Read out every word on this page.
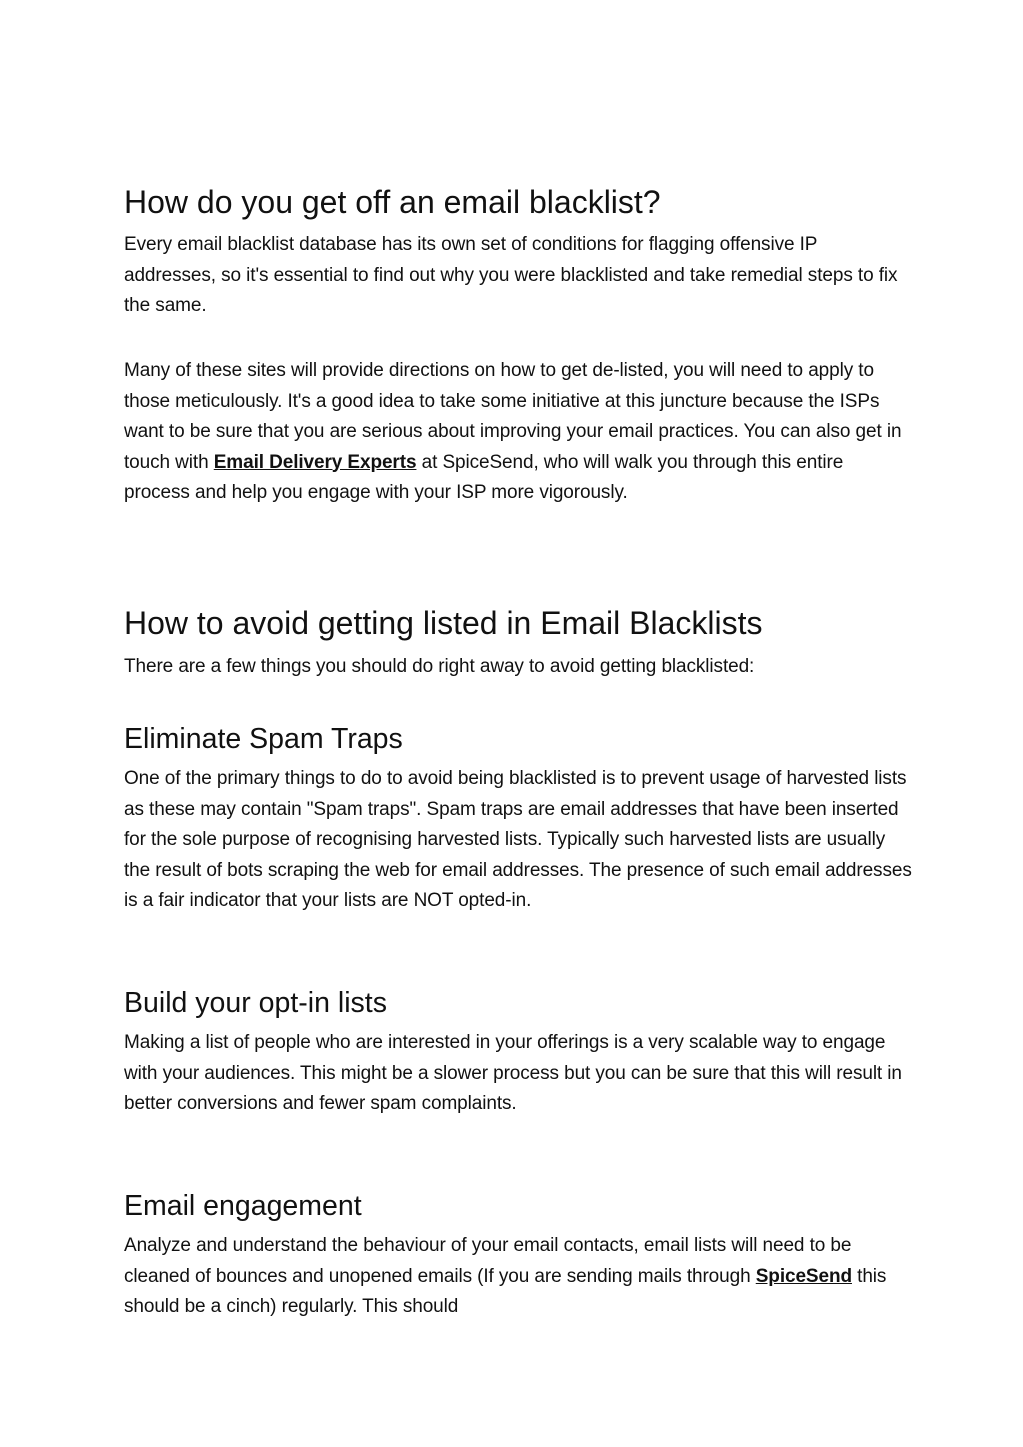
How do you get off an email blacklist?

Every email blacklist database has its own set of conditions for flagging offensive IP addresses, so it's essential to find out why you were blacklisted and take remedial steps to fix the same.

Many of these sites will provide directions on how to get de-listed, you will need to apply to those meticulously. It's a good idea to take some initiative at this juncture because the ISPs want to be sure that you are serious about improving your email practices. You can also get in touch with Email Delivery Experts at SpiceSend, who will walk you through this entire process and help you engage with your ISP more vigorously.

How to avoid getting listed in Email Blacklists

There are a few things you should do right away to avoid getting blacklisted:

Eliminate Spam Traps

One of the primary things to do to avoid being blacklisted is to prevent usage of harvested lists as these may contain "Spam traps". Spam traps are email addresses that have been inserted for the sole purpose of recognising harvested lists. Typically such harvested lists are usually the result of bots scraping the web for email addresses. The presence of such email addresses is a fair indicator that your lists are NOT opted-in.

Build your opt-in lists

Making a list of people who are interested in your offerings is a very scalable way to engage with your audiences. This might be a slower process but you can be sure that this will result in better conversions and fewer spam complaints.

Email engagement

Analyze and understand the behaviour of your email contacts, email lists will need to be cleaned of bounces and unopened emails (If you are sending mails through SpiceSend this should be a cinch) regularly. This should
